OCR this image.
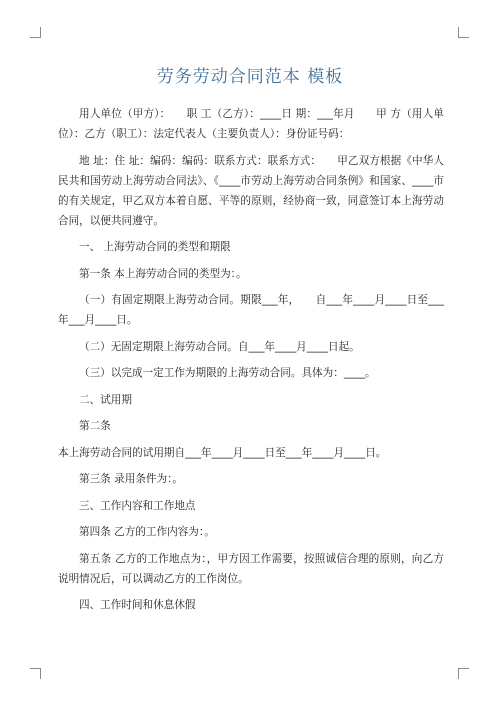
劳务劳动合同范本 模板

用人单位（甲方）：　　职 工（乙方）：____日 期：___年月　　甲 方（用人单位）：乙方（职工）：法定代表人（主要负责人）：身份证号码：

地 址：住 址：编码：编码：联系方式：联系方式：　　甲乙双方根据《中华人民共和国劳动上海劳动合同法》、《____市劳动上海劳动合同条例》和国家、____市的有关规定，甲乙双方本着自愿、平等的原则，经协商一致，同意签订本上海劳动合同，以便共同遵守。

一、 上海劳动合同的类型和期限

第一条 本上海劳动合同的类型为：。

（一）有固定期限上海劳动合同。期限___年，　　自___年____月____日至___年___月____日。

（二）无固定期限上海劳动合同。自___年____月____日起。

（三）以完成一定工作为期限的上海劳动合同。具体为：____。

二、试用期

第二条

本上海劳动合同的试用期自___年____月____日至___年____月____日。

第三条 录用条件为：。

三、工作内容和工作地点

第四条 乙方的工作内容为：。

第五条 乙方的工作地点为：，甲方因工作需要，按照诚信合理的原则，向乙方说明情况后，可以调动乙方的工作岗位。

四、工作时间和休息休假
